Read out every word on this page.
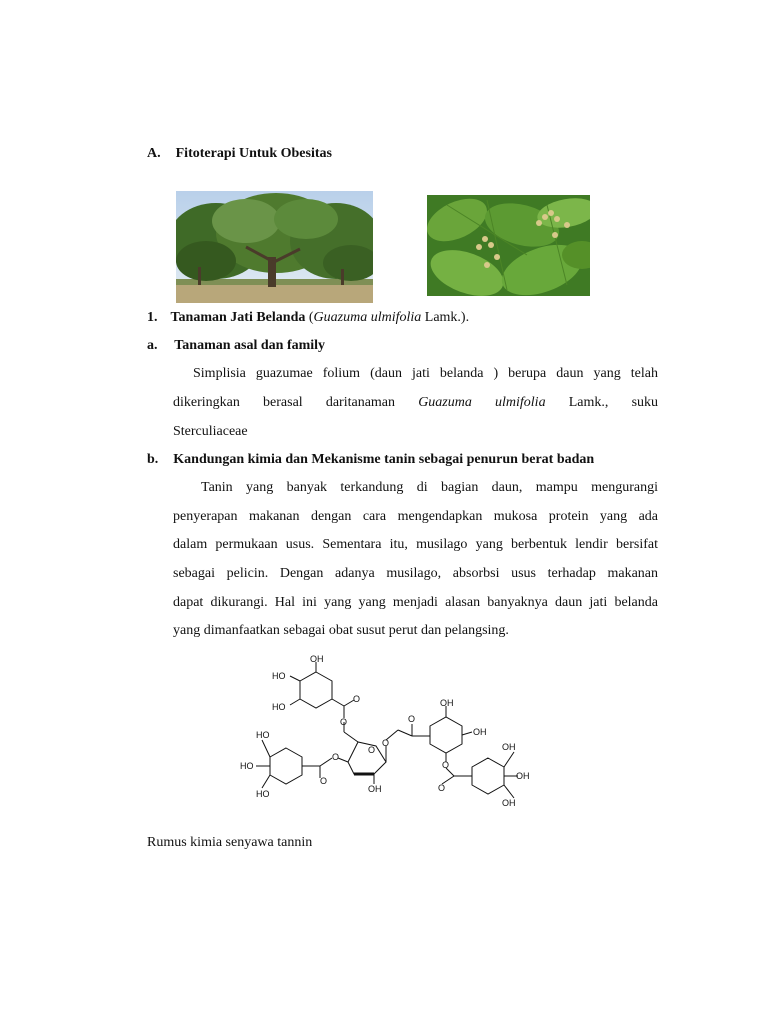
A. Fitoterapi Untuk Obesitas
1. Tanaman Jati Belanda (Guazuma ulmifolia Lamk.).
a. Tanaman asal dan family
Simplisia guazumae folium (daun jati belanda ) berupa daun yang telah
dikeringkan berasal daritanaman Guazuma ulmifolia Lamk., suku
Sterculiaceae
b. Kandungan kimia dan Mekanisme tanin sebagai penurun berat badan
Tanin yang banyak terkandung di bagian daun, mampu mengurangi
penyerapan makanan dengan cara mengendapkan mukosa protein yang ada
dalam permukaan usus. Sementara itu, musilago yang berbentuk lendir bersifat
sebagai pelicin. Dengan adanya musilago, absorbsi usus terhadap makanan
dapat dikurangi. Hal ini yang yang menjadi alasan banyaknya daun jati belanda
yang dimanfaatkan sebagai obat susut perut dan pelangsing.
OH
HO
HO
O
O
O
O
O
O
OH
HO
HO
HO
O
OH
OH
O
O
OH
OH
OH
Rumus kimia senyawa tannin
